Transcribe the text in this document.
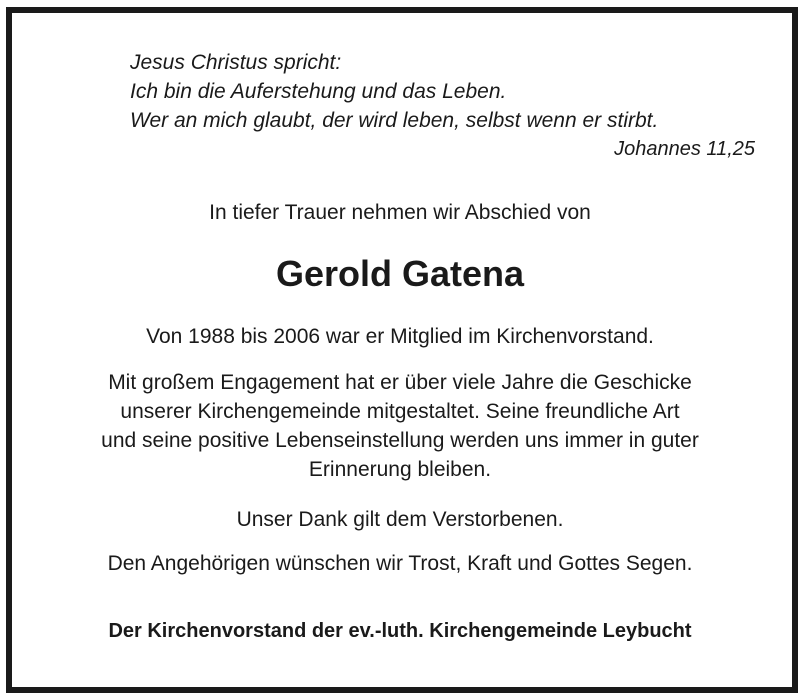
Jesus Christus spricht:
Ich bin die Auferstehung und das Leben.
Wer an mich glaubt, der wird leben, selbst wenn er stirbt.
Johannes 11,25
In tiefer Trauer nehmen wir Abschied von
Gerold Gatena
Von 1988 bis 2006 war er Mitglied im Kirchenvorstand.
Mit großem Engagement hat er über viele Jahre die Geschicke
unserer Kirchengemeinde mitgestaltet. Seine freundliche Art
und seine positive Lebenseinstellung werden uns immer in guter
Erinnerung bleiben.
Unser Dank gilt dem Verstorbenen.
Den Angehörigen wünschen wir Trost, Kraft und Gottes Segen.
Der Kirchenvorstand der ev.-luth. Kirchengemeinde Leybucht
